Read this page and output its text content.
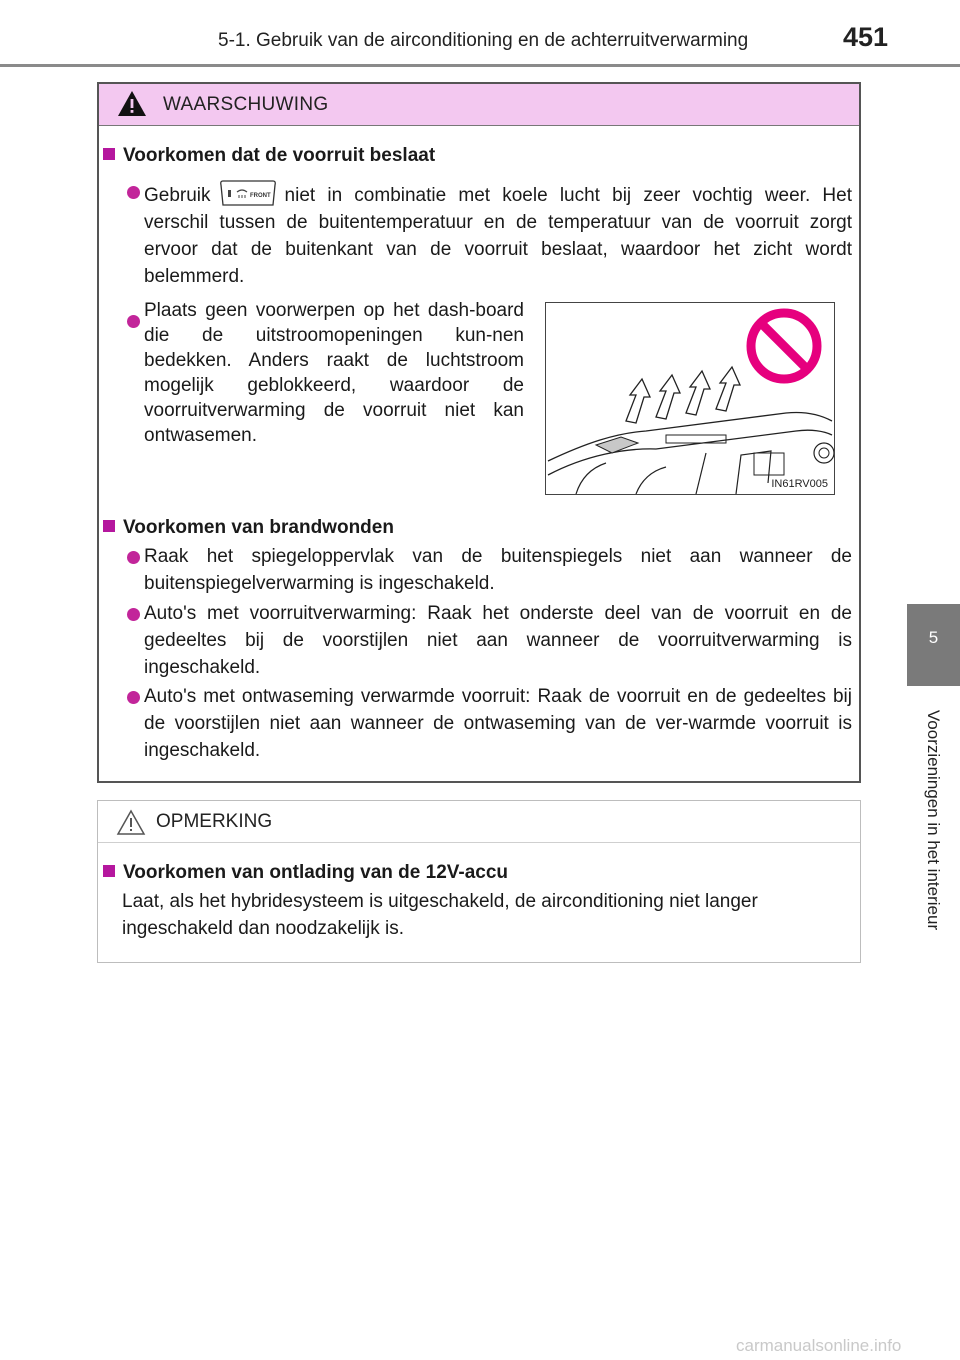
5-1. Gebruik van de airconditioning en de achterruitverwarming	451
5
Voorzieningen in het interieur
WAARSCHUWING
Voorkomen dat de voorruit beslaat
Gebruik	FRONT niet in combinatie met koele lucht bij zeer vochtig weer. Het verschil tussen de buitentemperatuur en de temperatuur van de voorruit zorgt ervoor dat de buitenkant van de voorruit beslaat, waardoor het zicht wordt belemmerd.
Plaats geen voorwerpen op het dash-board die de uitstroomopeningen kun-nen bedekken. Anders raakt de luchtstroom mogelijk geblokkeerd, waardoor de voorruitverwarming de voorruit niet kan ontwasemen.
IN61RV005
Voorkomen van brandwonden
Raak het spiegeloppervlak van de buitenspiegels niet aan wanneer de buitenspiegelverwarming is ingeschakeld.
Auto's met voorruitverwarming: Raak het onderste deel van de voorruit en de gedeeltes bij de voorstijlen niet aan wanneer de voorruitverwarming is ingeschakeld.
Auto's met ontwaseming verwarmde voorruit: Raak de voorruit en de gedeeltes bij de voorstijlen niet aan wanneer de ontwaseming van de ver-warmde voorruit is ingeschakeld.
OPMERKING
Voorkomen van ontlading van de 12V-accu
Laat, als het hybridesysteem is uitgeschakeld, de airconditioning niet langer ingeschakeld dan noodzakelijk is.
carmanualsonline.info
